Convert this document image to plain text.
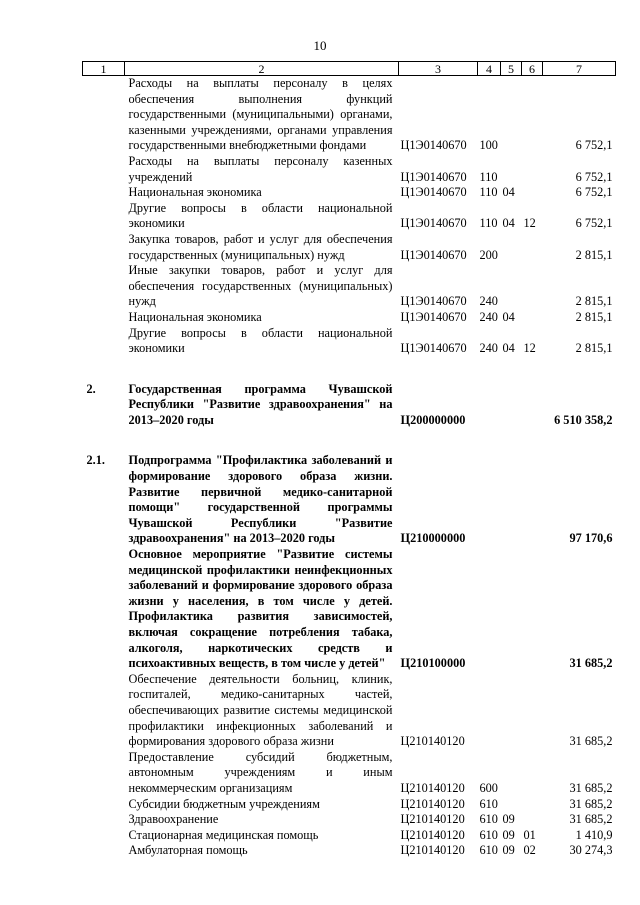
10
1	2	3	4	5	6	7
	Расходы на выплаты персоналу в целях обеспечения выполнения функций государственными (муниципальными) органами, казенными учреждениями, органами управления государственными внебюджетными фондами	Ц1Э0140670	100			6 752,1
	Расходы на выплаты персоналу казенных учреждений	Ц1Э0140670	110			6 752,1
	Национальная экономика	Ц1Э0140670	110	04		6 752,1
	Другие вопросы в области национальной экономики	Ц1Э0140670	110	04	12	6 752,1
	Закупка товаров, работ и услуг для обеспечения государственных (муниципальных) нужд	Ц1Э0140670	200			2 815,1
	Иные закупки товаров, работ и услуг для обеспечения государственных (муниципальных) нужд	Ц1Э0140670	240			2 815,1
	Национальная экономика	Ц1Э0140670	240	04		2 815,1
	Другие вопросы в области национальной экономики	Ц1Э0140670	240	04	12	2 815,1

2.	Государственная программа Чувашской Республики "Развитие здравоохранения" на 2013–2020 годы	Ц200000000				6 510 358,2

2.1.	Подпрограмма "Профилактика заболеваний и формирование здорового образа жизни. Развитие первичной медико-санитарной помощи" государственной программы Чувашской Республики "Развитие здравоохранения" на 2013–2020 годы	Ц210000000				97 170,6
	Основное мероприятие "Развитие системы медицинской профилактики неинфекционных заболеваний и формирование здорового образа жизни у населения, в том числе у детей. Профилактика развития зависимостей, включая сокращение потребления табака, алкоголя, наркотических средств и психоактивных веществ, в том числе у детей"	Ц210100000				31 685,2
	Обеспечение деятельности больниц, клиник, госпиталей, медико-санитарных частей, обеспечивающих развитие системы медицинской профилактики инфекционных заболеваний и формирования здорового образа жизни	Ц210140120				31 685,2
	Предоставление субсидий бюджетным, автономным учреждениям и иным некоммерческим организациям	Ц210140120	600			31 685,2
	Субсидии бюджетным учреждениям	Ц210140120	610			31 685,2
	Здравоохранение	Ц210140120	610	09		31 685,2
	Стационарная медицинская помощь	Ц210140120	610	09	01	1 410,9
	Амбулаторная помощь	Ц210140120	610	09	02	30 274,3
